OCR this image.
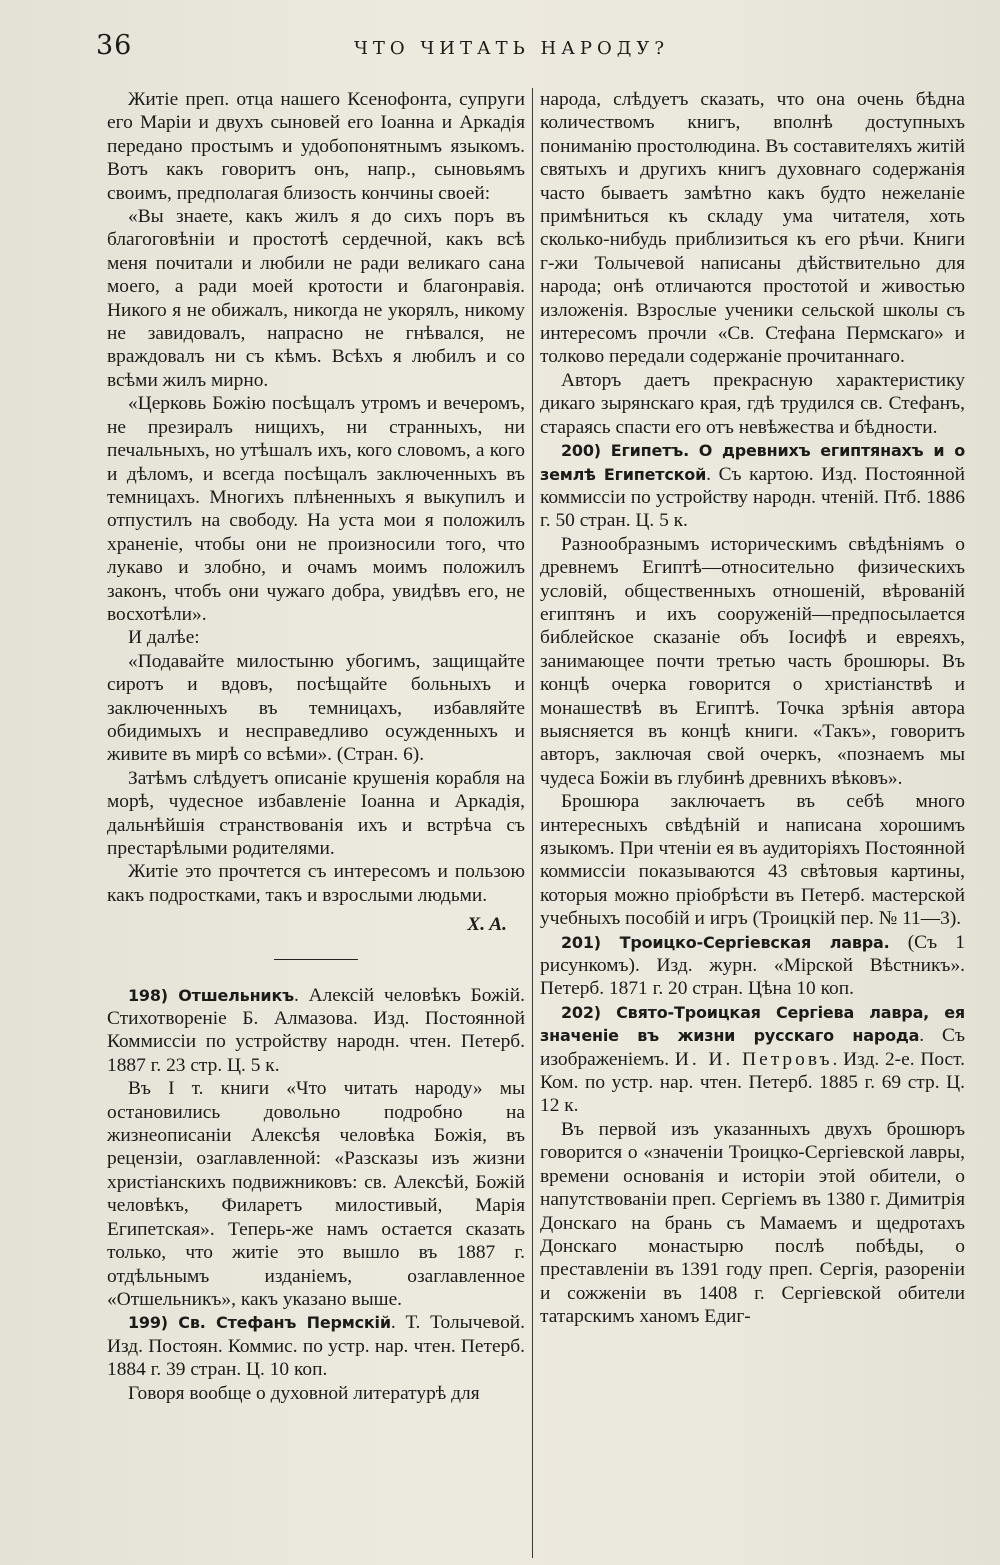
36	ЧТО ЧИТАТЬ НАРОДУ?

Житіе преп. отца нашего Ксенофонта, супруги его Маріи и двухъ сыновей его Іоанна и Аркадія передано простымъ и удобопонятнымъ языкомъ. Вотъ какъ говоритъ онъ, напр., сыновьямъ своимъ, предполагая близость кончины своей:

«Вы знаете, какъ жилъ я до сихъ поръ въ благоговѣніи и простотѣ сердечной, какъ всѣ меня почитали и любили не ради великаго сана моего, а ради моей кротости и благонравія. Никого я не обижалъ, никогда не укорялъ, никому не завидовалъ, напрасно не гнѣвался, не враждовалъ ни съ кѣмъ. Всѣхъ я любилъ и со всѣми жилъ мирно.

«Церковь Божію посѣщалъ утромъ и вечеромъ, не презиралъ нищихъ, ни странныхъ, ни печальныхъ, но утѣшалъ ихъ, кого словомъ, а кого и дѣломъ, и всегда посѣщалъ заключенныхъ въ темницахъ. Многихъ плѣненныхъ я выкупилъ и отпустилъ на свободу. На уста мои я положилъ храненіе, чтобы они не произносили того, что лукаво и злобно, и очамъ моимъ положилъ законъ, чтобъ они чужаго добра, увидѣвъ его, не восхотѣли».

И далѣе:

«Подавайте милостыню убогимъ, защищайте сиротъ и вдовъ, посѣщайте больныхъ и заключенныхъ въ темницахъ, избавляйте обидимыхъ и несправедливо осужденныхъ и живите въ мирѣ со всѣми». (Стран. 6).

Затѣмъ слѣдуетъ описаніе крушенія корабля на морѣ, чудесное избавленіе Іоанна и Аркадія, дальнѣйшія странствованія ихъ и встрѣча съ престарѣлыми родителями.

Житіе это прочтется съ интересомъ и пользою какъ подростками, такъ и взрослыми людьми.

X. A.

198) Отшельникъ. Алексій человѣкъ Божій. Стихотвореніе Б. Алмазова. Изд. Постоянной Коммиссіи по устройству народн. чтен. Петерб. 1887 г. 23 стр. Ц. 5 к.

Въ I т. книги «Что читать народу» мы остановились довольно подробно на жизнеописаніи Алексѣя человѣка Божія, въ рецензіи, озаглавленной: «Разсказы изъ жизни христіанскихъ подвижниковъ: св. Алексѣй, Божій человѣкъ, Филаретъ милостивый, Марія Египетская». Теперь-же намъ остается сказать только, что житіе это вышло въ 1887 г. отдѣльнымъ изданіемъ, озаглавленное «Отшельникъ», какъ указано выше.

199) Св. Стефанъ Пермскій. Т. Толычевой. Изд. Постоян. Коммис. по устр. нар. чтен. Петерб. 1884 г. 39 стран. Ц. 10 коп.

Говоря вообще о духовной литературѣ для

народа, слѣдуетъ сказать, что она очень бѣдна количествомъ книгъ, вполнѣ доступныхъ пониманію простолюдина. Въ составителяхъ житій святыхъ и другихъ книгъ духовнаго содержанія часто бываетъ замѣтно какъ будто нежеланіе примѣниться къ складу ума читателя, хоть сколько-нибудь приблизиться къ его рѣчи. Книги г-жи Толычевой написаны дѣйствительно для народа; онѣ отличаются простотой и живостью изложенія. Взрослые ученики сельской школы съ интересомъ прочли «Св. Стефана Пермскаго» и толково передали содержаніе прочитаннаго.

Авторъ даетъ прекрасную характеристику дикаго зырянскаго края, гдѣ трудился св. Стефанъ, стараясь спасти его отъ невѣжества и бѣдности.

200) Египетъ. О древнихъ египтянахъ и о землѣ Египетской. Съ картою. Изд. Постоянной коммиссіи по устройству народн. чтеній. Птб. 1886 г. 50 стран. Ц. 5 к.

Разнообразнымъ историческимъ свѣдѣніямъ о древнемъ Египтѣ—относительно физическихъ условій, общественныхъ отношеній, вѣрованій египтянъ и ихъ сооруженій—предпосылается библейское сказаніе объ Іосифѣ и евреяхъ, занимающее почти третью часть брошюры. Въ концѣ очерка говорится о христіанствѣ и монашествѣ въ Египтѣ. Точка зрѣнія автора выясняется въ концѣ книги. «Такъ», говоритъ авторъ, заключая свой очеркъ, «познаемъ мы чудеса Божіи въ глубинѣ древнихъ вѣковъ».

Брошюра заключаетъ въ себѣ много интересныхъ свѣдѣній и написана хорошимъ языкомъ. При чтеніи ея въ аудиторіяхъ Постоянной коммиссіи показываются 43 свѣтовыя картины, которыя можно пріобрѣсти въ Петерб. мастерской учебныхъ пособій и игръ (Троицкій пер. № 11—3).

201) Троицко-Сергіевская лавра. (Съ 1 рисункомъ). Изд. журн. «Мірской Вѣстникъ». Петерб. 1871 г. 20 стран. Цѣна 10 коп.

202) Свято-Троицкая Сергіева лавра, ея значеніе въ жизни русскаго народа. Съ изображеніемъ. И. И. Петровъ. Изд. 2-е. Пост. Ком. по устр. нар. чтен. Петерб. 1885 г. 69 стр. Ц. 12 к.

Въ первой изъ указанныхъ двухъ брошюръ говорится о «значеніи Троицко-Сергіевской лавры, времени основанія и исторіи этой обители, о напутствованіи преп. Сергіемъ въ 1380 г. Димитрія Донскаго на брань съ Мамаемъ и щедротахъ Донскаго монастырю послѣ побѣды, о преставленіи въ 1391 году преп. Сергія, разореніи и сожженіи въ 1408 г. Сергіевской обители татарскимъ ханомъ Едиг-
